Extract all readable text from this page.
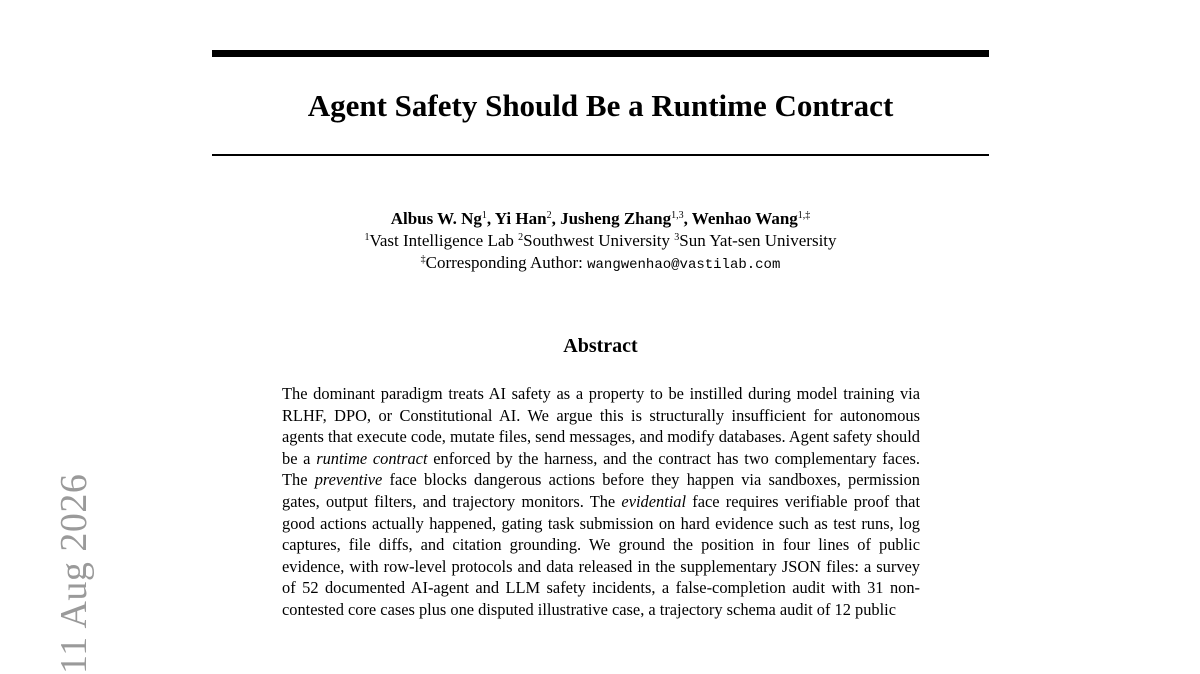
Agent Safety Should Be a Runtime Contract
Albus W. Ng$^1$, Yi Han$^2$, Jusheng Zhang$^{1,3}$, Wenhao Wang$^{1,\ddagger}$
$^1$Vast Intelligence Lab $^2$Southwest University $^3$Sun Yat-sen University
‡Corresponding Author: wangwenhao@vastilab.com
Abstract

The dominant paradigm treats AI safety as a property to be instilled during model training via RLHF, DPO, or Constitutional AI. We argue this is structurally insufficient for autonomous agents that execute code, mutate files, send messages, and modify databases. Agent safety should be a runtime contract enforced by the harness, and the contract has two complementary faces. The preventive face blocks dangerous actions before they happen via sandboxes, permission gates, output filters, and trajectory monitors. The evidential face requires verifiable proof that good actions actually happened, gating task submission on hard evidence such as test runs, log captures, file diffs, and citation grounding. We ground the position in four lines of public evidence, with row-level protocols and data released in the supplementary JSON files: a survey of 52 documented AI-agent and LLM safety incidents, a false-completion audit with 31 non-contested core cases plus one disputed illustrative case, a trajectory schema audit of 12 public

11 Aug 2026
